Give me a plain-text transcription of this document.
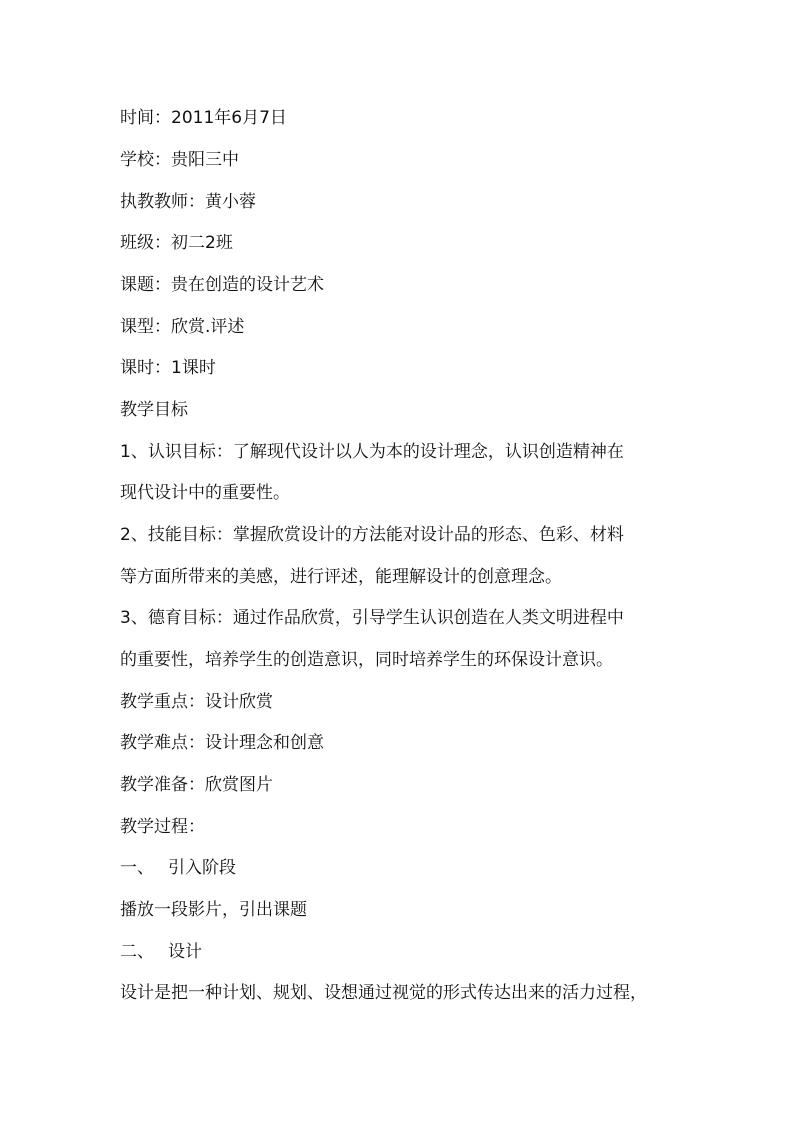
时间：2011年6月7日
学校：贵阳三中
执教教师：黄小蓉
班级：初二2班
课题：贵在创造的设计艺术
课型：欣赏.评述
课时：1课时
教学目标
1、认识目标：了解现代设计以人为本的设计理念，认识创造精神在
现代设计中的重要性。
2、技能目标：掌握欣赏设计的方法能对设计品的形态、色彩、材料
等方面所带来的美感，进行评述，能理解设计的创意理念。
3、德育目标：通过作品欣赏，引导学生认识创造在人类文明进程中
的重要性，培养学生的创造意识，同时培养学生的环保设计意识。
教学重点：设计欣赏
教学难点：设计理念和创意
教学准备：欣赏图片
教学过程：
一、 引入阶段
播放一段影片，引出课题
二、 设计
设计是把一种计划、规划、设想通过视觉的形式传达出来的活力过程，
